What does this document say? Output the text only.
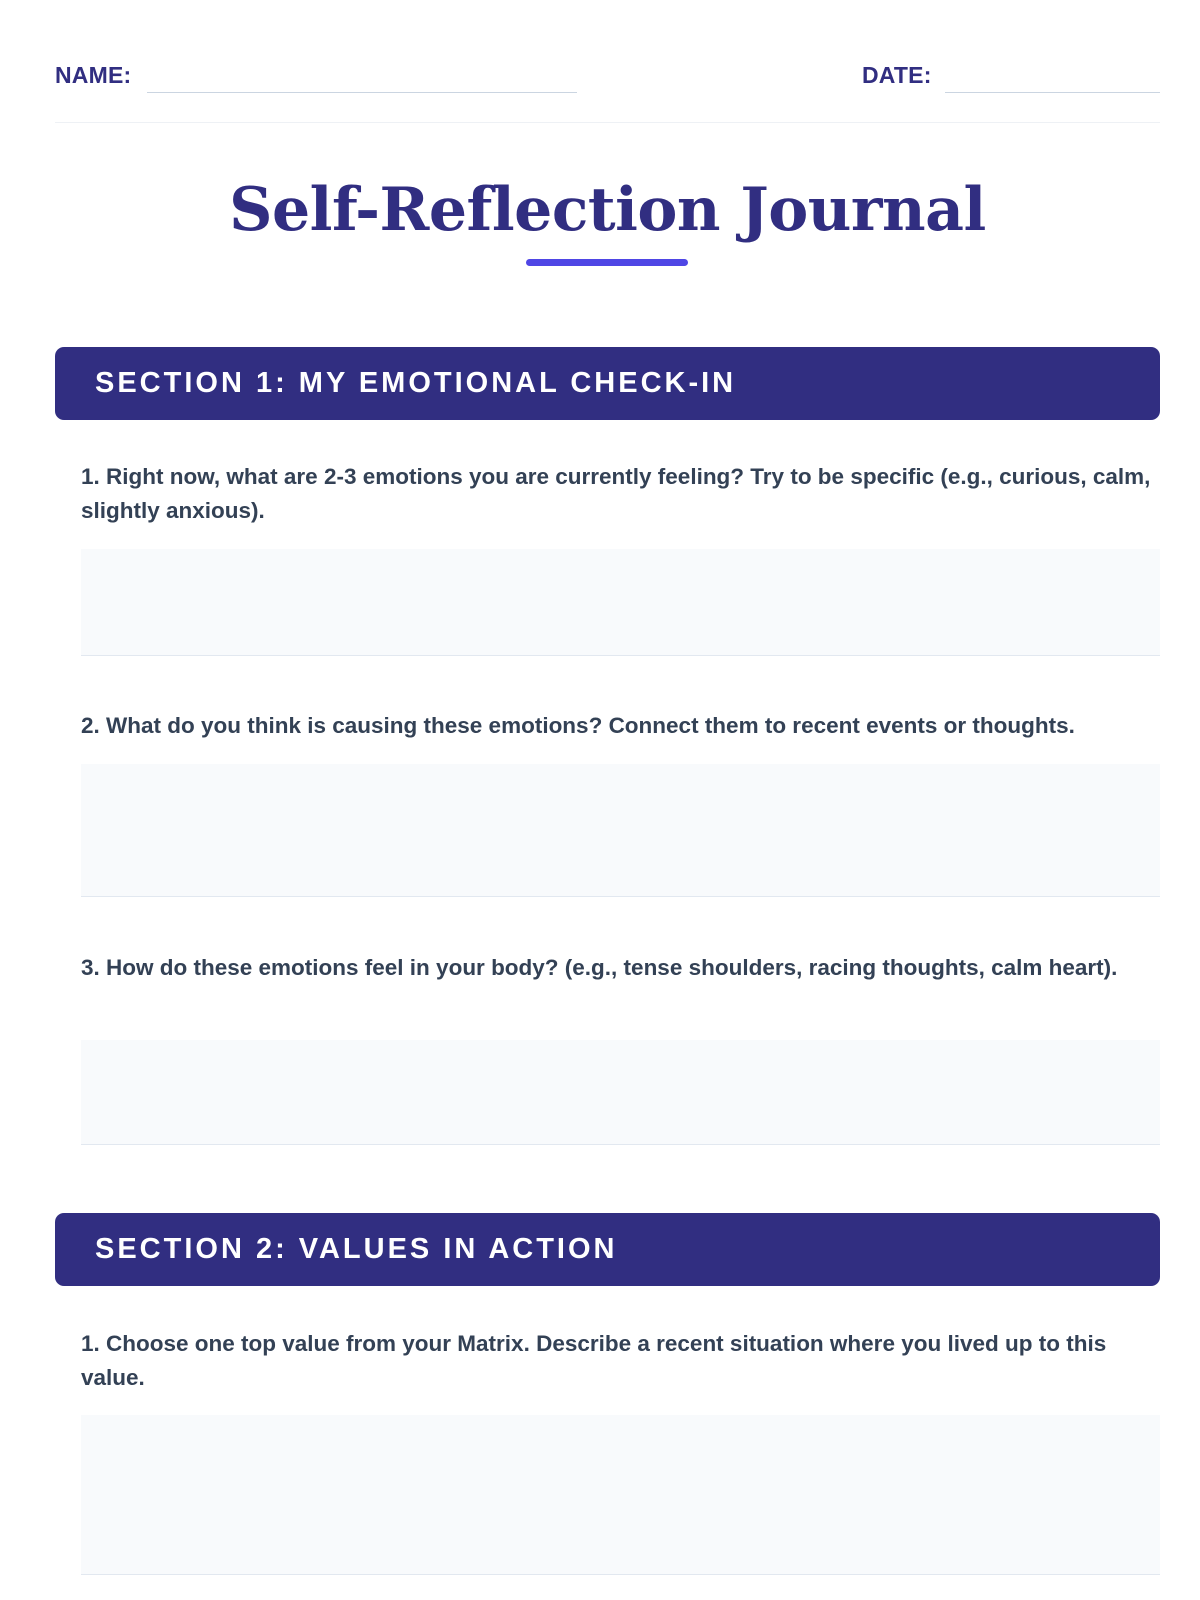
NAME:	DATE:
Self-Reflection Journal
SECTION 1: MY EMOTIONAL CHECK-IN
1. Right now, what are 2-3 emotions you are currently feeling? Try to be specific (e.g., curious, calm, slightly anxious).
2. What do you think is causing these emotions? Connect them to recent events or thoughts.
3. How do these emotions feel in your body? (e.g., tense shoulders, racing thoughts, calm heart).
SECTION 2: VALUES IN ACTION
1. Choose one top value from your Matrix. Describe a recent situation where you lived up to this value.
